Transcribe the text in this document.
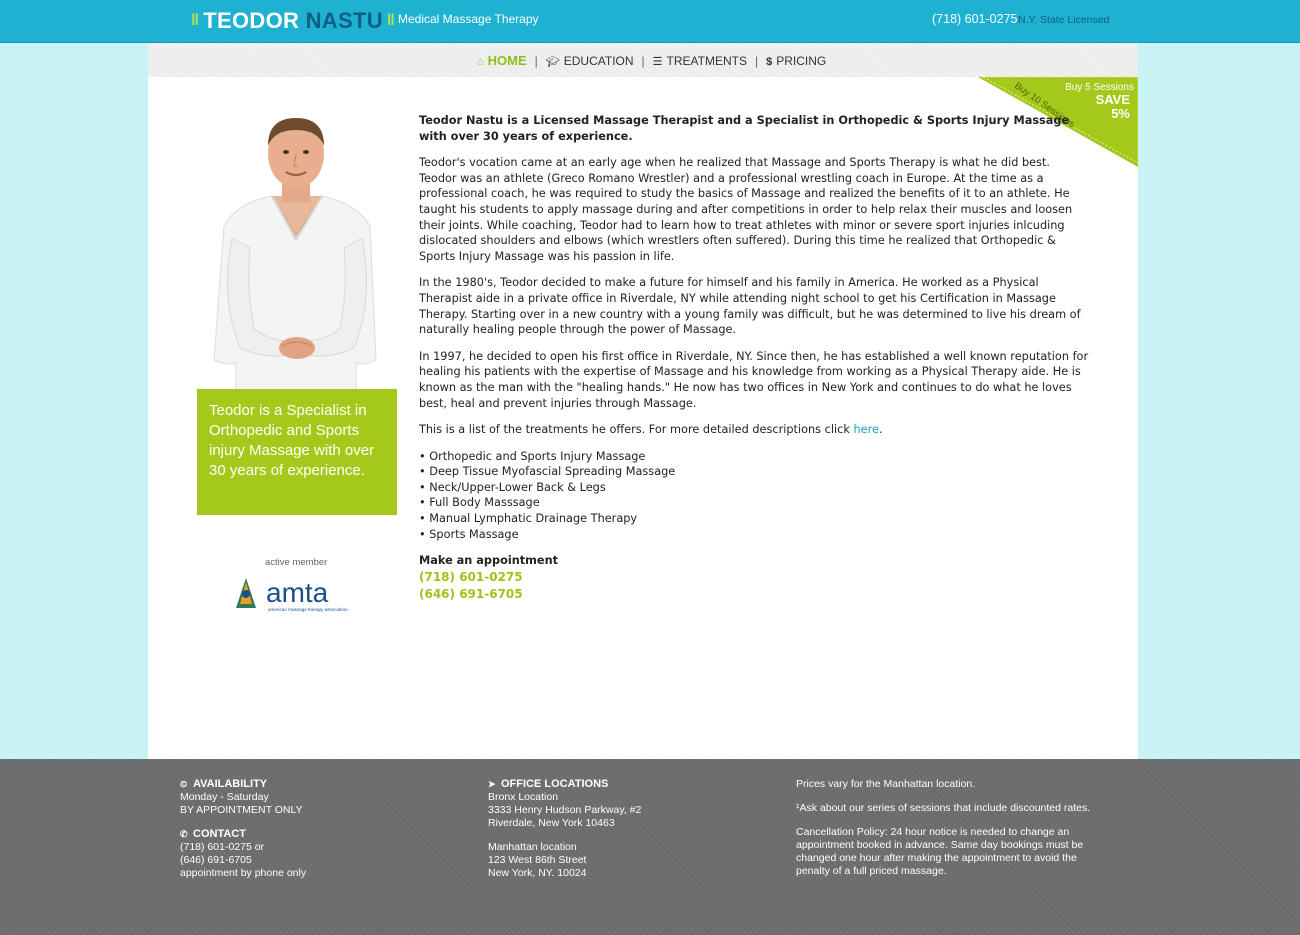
ǁ TEODOR NASTU ǁ Medical Massage Therapy	(718) 601-0275 N.Y. State Licensed
⌂ HOME | 🎓︎ EDUCATION | ☰ TREATMENTS | $ PRICING
Buy 5 Sessions
SAVE
5%
Buy 10 Sessions
SAVE 10%
Teodor is a Specialist in Orthopedic and Sports injury Massage with over 30 years of experience.
active member
amta
american massage therapy association

Teodor Nastu is a Licensed Massage Therapist and a Specialist in Orthopedic & Sports Injury Massage with over 30 years of experience.

Teodor's vocation came at an early age when he realized that Massage and Sports Therapy is what he did best. Teodor was an athlete (Greco Romano Wrestler) and a professional wrestling coach in Europe. At the time as a professional coach, he was required to study the basics of Massage and realized the benefits of it to an athlete. He taught his students to apply massage during and after competitions in order to help relax their muscles and loosen their joints. While coaching, Teodor had to learn how to treat athletes with minor or severe sport injuries inlcuding dislocated shoulders and elbows (which wrestlers often suffered). During this time he realized that Orthopedic & Sports Injury Massage was his passion in life.

In the 1980's, Teodor decided to make a future for himself and his family in America. He worked as a Physical Therapist aide in a private office in Riverdale, NY while attending night school to get his Certification in Massage Therapy. Starting over in a new country with a young family was difficult, but he was determined to live his dream of naturally healing people through the power of Massage.

In 1997, he decided to open his first office in Riverdale, NY. Since then, he has established a well known reputation for healing his patients with the expertise of Massage and his knowledge from working as a Physical Therapy aide. He is known as the man with the "healing hands." He now has two offices in New York and continues to do what he loves best, heal and prevent injuries through Massage.

This is a list of the treatments he offers. For more detailed descriptions click here.

• Orthopedic and Sports Injury Massage
• Deep Tissue Myofascial Spreading Massage
• Neck/Upper-Lower Back & Legs
• Full Body Masssage
• Manual Lymphatic Drainage Therapy
• Sports Massage
Make an appointment
(718) 601-0275
(646) 691-6705
⏲ AVAILABILITY
Monday - Saturday
BY APPOINTMENT ONLY
✆ CONTACT
(718) 601-0275 or
(646) 691-6705
appointment by phone only
➤ OFFICE LOCATIONS
Bronx Location
3333 Henry Hudson Parkway, #2
Riverdale, New York 10463
Manhattan location
123 West 86th Street
New York, NY. 10024
Prices vary for the Manhattan location.
¹Ask about our series of sessions that include discounted rates.
Cancellation Policy: 24 hour notice is needed to change an appointment booked in advance. Same day bookings must be changed one hour after making the appointment to avoid the penalty of a full priced massage.
